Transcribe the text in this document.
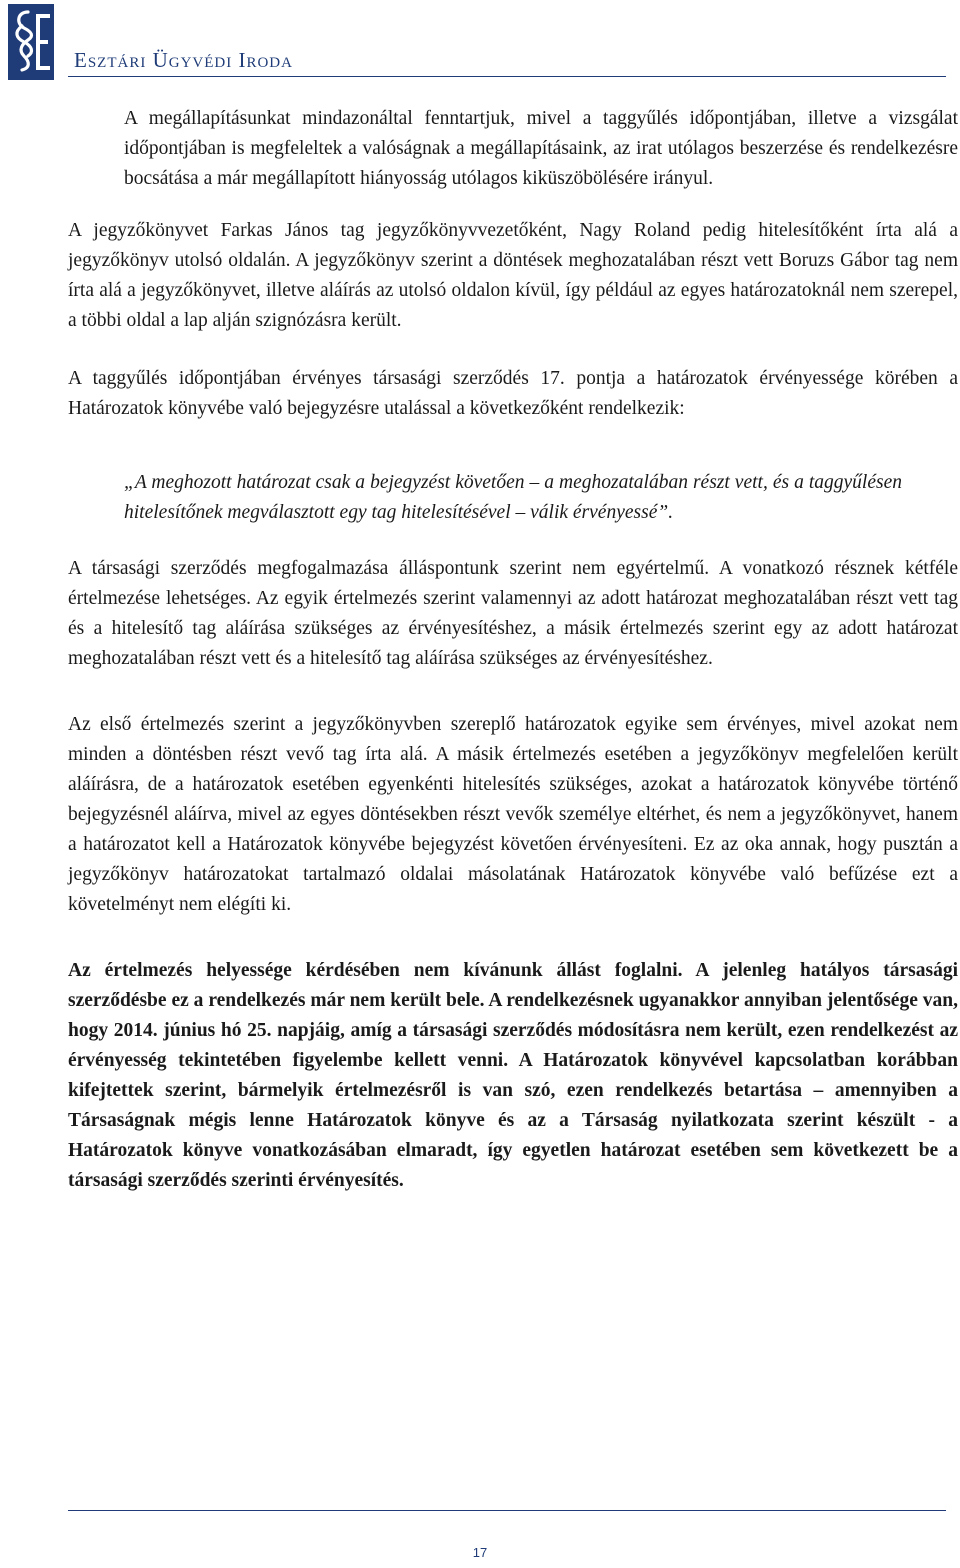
Esztári Ügyvédi Iroda

A megállapításunkat mindazonáltal fenntartjuk, mivel a taggyűlés időpontjában, illetve a vizsgálat időpontjában is megfeleltek a valóságnak a megállapításaink, az irat utólagos beszerzése és rendelkezésre bocsátása a már megállapított hiányosság utólagos kiküszöbölésére irányul.

A jegyzőkönyvet Farkas János tag jegyzőkönyvvezetőként, Nagy Roland pedig hitelesítőként írta alá a jegyzőkönyv utolsó oldalán. A jegyzőkönyv szerint a döntések meghozatalában részt vett Boruzs Gábor tag nem írta alá a jegyzőkönyvet, illetve aláírás az utolsó oldalon kívül, így például az egyes határozatoknál nem szerepel, a többi oldal a lap alján szignózásra került.

A taggyűlés időpontjában érvényes társasági szerződés 17. pontja a határozatok érvényessége körében a Határozatok könyvébe való bejegyzésre utalással a következőként rendelkezik:

„A meghozott határozat csak a bejegyzést követően – a meghozatalában részt vett, és a taggyűlésen hitelesítőnek megválasztott egy tag hitelesítésével – válik érvényessé”.

A társasági szerződés megfogalmazása álláspontunk szerint nem egyértelmű. A vonatkozó résznek kétféle értelmezése lehetséges. Az egyik értelmezés szerint valamennyi az adott határozat meghozatalában részt vett tag és a hitelesítő tag aláírása szükséges az érvényesítéshez, a másik értelmezés szerint egy az adott határozat meghozatalában részt vett és a hitelesítő tag aláírása szükséges az érvényesítéshez.

Az első értelmezés szerint a jegyzőkönyvben szereplő határozatok egyike sem érvényes, mivel azokat nem minden a döntésben részt vevő tag írta alá. A másik értelmezés esetében a jegyzőkönyv megfelelően került aláírásra, de a határozatok esetében egyenkénti hitelesítés szükséges, azokat a határozatok könyvébe történő bejegyzésnél aláírva, mivel az egyes döntésekben részt vevők személye eltérhet, és nem a jegyzőkönyvet, hanem a határozatot kell a Határozatok könyvébe bejegyzést követően érvényesíteni. Ez az oka annak, hogy pusztán a jegyzőkönyv határozatokat tartalmazó oldalai másolatának Határozatok könyvébe való befűzése ezt a követelményt nem elégíti ki.

Az értelmezés helyessége kérdésében nem kívánunk állást foglalni. A jelenleg hatályos társasági szerződésbe ez a rendelkezés már nem került bele. A rendelkezésnek ugyanakkor annyiban jelentősége van, hogy 2014. június hó 25. napjáig, amíg a társasági szerződés módosításra nem került, ezen rendelkezést az érvényesség tekintetében figyelembe kellett venni. A Határozatok könyvével kapcsolatban korábban kifejtettek szerint, bármelyik értelmezésről is van szó, ezen rendelkezés betartása – amennyiben a Társaságnak mégis lenne Határozatok könyve és az a Társaság nyilatkozata szerint készült - a Határozatok könyve vonatkozásában elmaradt, így egyetlen határozat esetében sem következett be a társasági szerződés szerinti érvényesítés.

17
